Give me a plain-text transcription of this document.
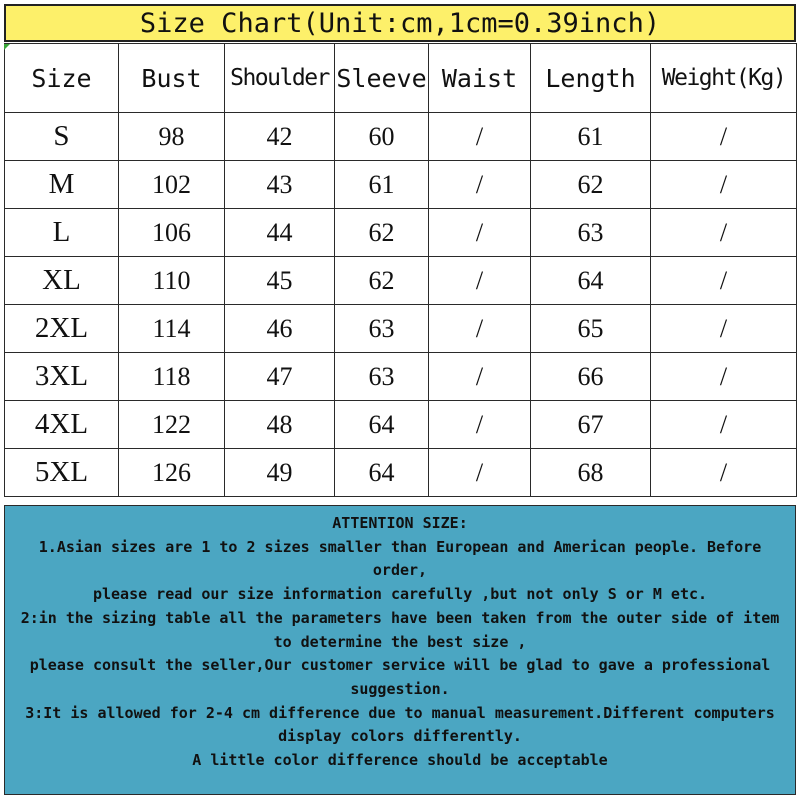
Size Chart(Unit:cm,1cm=0.39inch)
Size	Bust	Shoulder	Sleeve	Waist	Length	Weight(Kg)
S	98	42	60	/	61	/
M	102	43	61	/	62	/
L	106	44	62	/	63	/
XL	110	45	62	/	64	/
2XL	114	46	63	/	65	/
3XL	118	47	63	/	66	/
4XL	122	48	64	/	67	/
5XL	126	49	64	/	68	/
ATTENTION SIZE:
1.Asian sizes are 1 to 2 sizes smaller than European and American people. Before order,
please read our size information carefully ,but not only S or M etc.
2:in the sizing table all the parameters have been taken from the outer side of item to determine the best size ,
please consult the seller,Our customer service will be glad to gave a professional suggestion.
3:It is allowed for 2-4 cm difference due to manual measurement.Different computers display colors differently.
A little color difference should be acceptable
